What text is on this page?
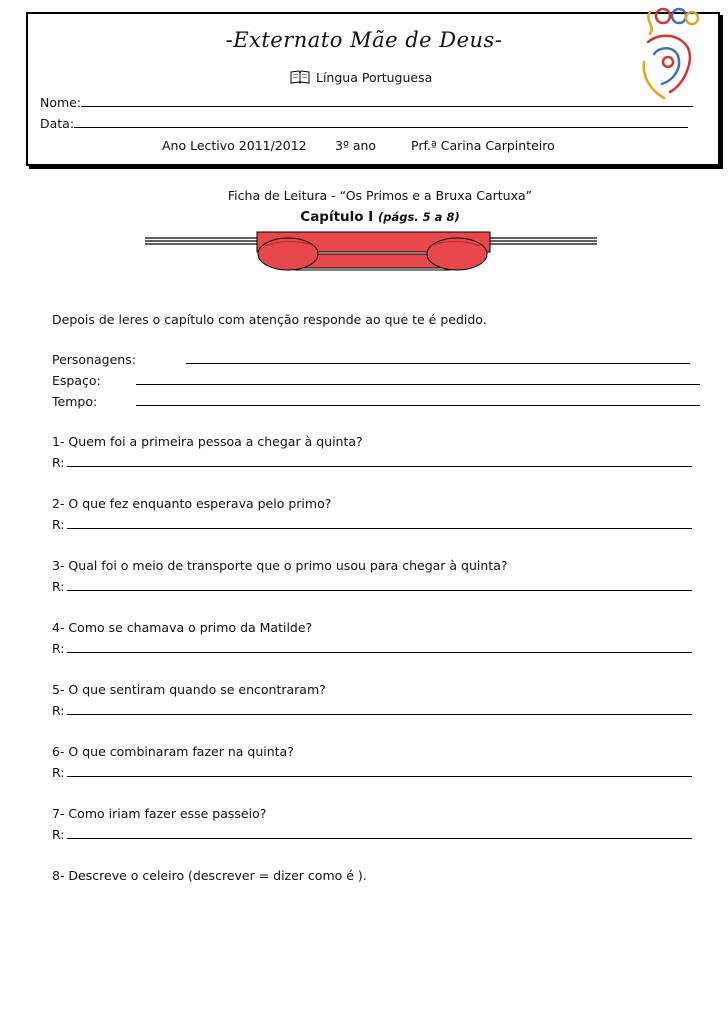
-Externato Mãe de Deus-
Língua Portuguesa
Nome:
Data:
Ano Lectivo 2011/2012 3º ano	Prf.ª Carina Carpinteiro
Ficha de Leitura - “Os Primos e a Bruxa Cartuxa”
Capítulo I (págs. 5 a 8)
Depois de leres o capítulo com atenção responde ao que te é pedido.
Personagens:
Espaço:
Tempo:
1- Quem foi a primeira pessoa a chegar à quinta?
R:
2- O que fez enquanto esperava pelo primo?
R:
3- Qual foi o meio de transporte que o primo usou para chegar à quinta?
R:
4- Como se chamava o primo da Matilde?
R:
5- O que sentiram quando se encontraram?
R:
6- O que combinaram fazer na quinta?
R:
7- Como iriam fazer esse passeio?
R:
8- Descreve o celeiro (descrever = dizer como é ).
